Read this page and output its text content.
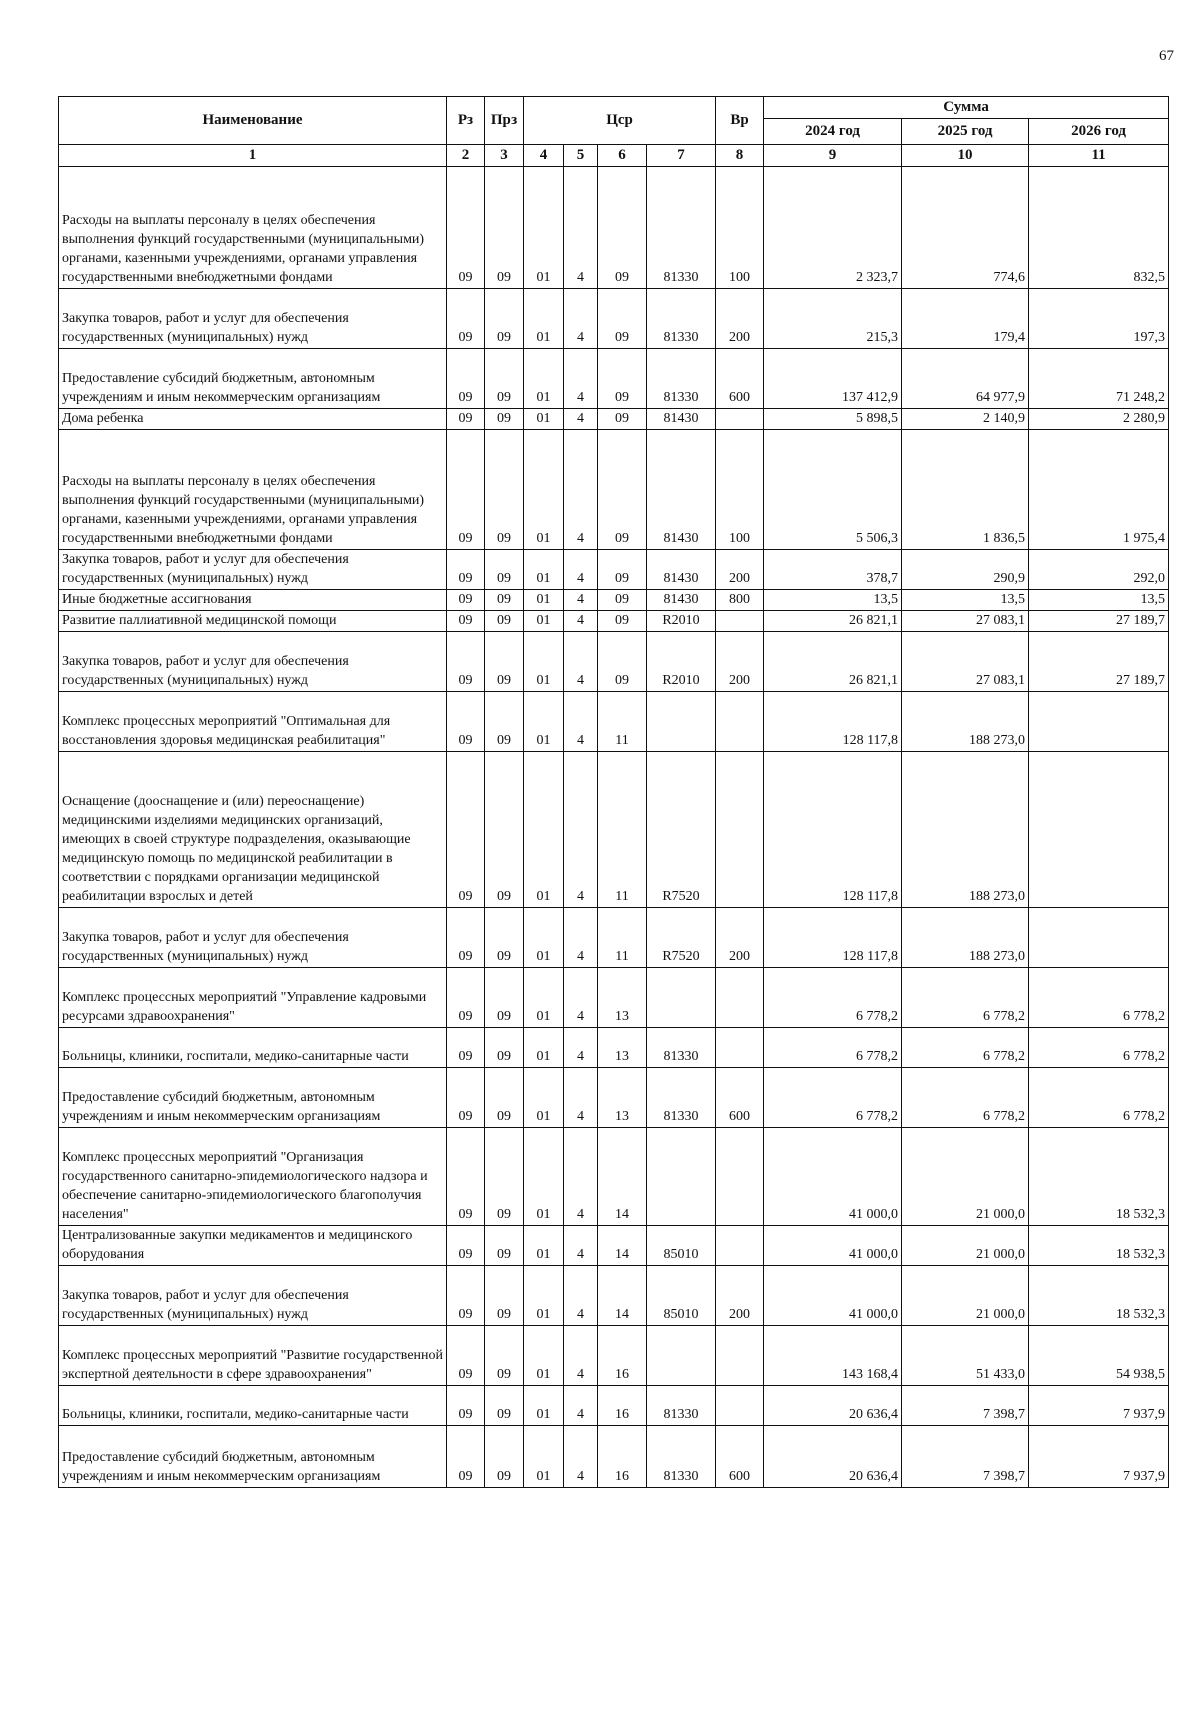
67
Наименование	Рз	Прз	Цср				Вр	Сумма		
								2024 год	2025 год	2026 год
1	2	3	4	5	6	7	8	9	10	11
Расходы на выплаты персоналу в целях обеспечения выполнения функций государственными (муниципальными) органами, казенными учреждениями, органами управления государственными внебюджетными фондами	09	09	01	4	09	81330	100	2 323,7	774,6	832,5
Закупка товаров, работ и услуг для обеспечения государственных (муниципальных) нужд	09	09	01	4	09	81330	200	215,3	179,4	197,3
Предоставление субсидий бюджетным, автономным учреждениям и иным некоммерческим организациям	09	09	01	4	09	81330	600	137 412,9	64 977,9	71 248,2
Дома ребенка	09	09	01	4	09	81430		5 898,5	2 140,9	2 280,9
Расходы на выплаты персоналу в целях обеспечения выполнения функций государственными (муниципальными) органами, казенными учреждениями, органами управления государственными внебюджетными фондами	09	09	01	4	09	81430	100	5 506,3	1 836,5	1 975,4
Закупка товаров, работ и услуг для обеспечения государственных (муниципальных) нужд	09	09	01	4	09	81430	200	378,7	290,9	292,0
Иные бюджетные ассигнования	09	09	01	4	09	81430	800	13,5	13,5	13,5
Развитие паллиативной медицинской помощи	09	09	01	4	09	R2010		26 821,1	27 083,1	27 189,7
Закупка товаров, работ и услуг для обеспечения государственных (муниципальных) нужд	09	09	01	4	09	R2010	200	26 821,1	27 083,1	27 189,7
Комплекс процессных мероприятий "Оптимальная для восстановления здоровья медицинская реабилитация"	09	09	01	4	11			128 117,8	188 273,0	
Оснащение (дооснащение и (или) переоснащение) медицинскими изделиями медицинских организаций, имеющих в своей структуре подразделения, оказывающие медицинскую помощь по медицинской реабилитации в соответствии с порядками организации медицинской реабилитации взрослых и детей	09	09	01	4	11	R7520		128 117,8	188 273,0	
Закупка товаров, работ и услуг для обеспечения государственных (муниципальных) нужд	09	09	01	4	11	R7520	200	128 117,8	188 273,0	
Комплекс процессных мероприятий "Управление кадровыми ресурсами здравоохранения"	09	09	01	4	13			6 778,2	6 778,2	6 778,2
Больницы, клиники, госпитали, медико-санитарные части	09	09	01	4	13	81330		6 778,2	6 778,2	6 778,2
Предоставление субсидий бюджетным, автономным учреждениям и иным некоммерческим организациям	09	09	01	4	13	81330	600	6 778,2	6 778,2	6 778,2
Комплекс процессных мероприятий "Организация государственного санитарно-эпидемиологического надзора и обеспечение санитарно-эпидемиологического благополучия населения"	09	09	01	4	14			41 000,0	21 000,0	18 532,3
Централизованные закупки медикаментов и медицинского оборудования	09	09	01	4	14	85010		41 000,0	21 000,0	18 532,3
Закупка товаров, работ и услуг для обеспечения государственных (муниципальных) нужд	09	09	01	4	14	85010	200	41 000,0	21 000,0	18 532,3
Комплекс процессных мероприятий "Развитие государственной экспертной деятельности в сфере здравоохранения"	09	09	01	4	16			143 168,4	51 433,0	54 938,5
Больницы, клиники, госпитали, медико-санитарные части	09	09	01	4	16	81330		20 636,4	7 398,7	7 937,9
Предоставление субсидий бюджетным, автономным учреждениям и иным некоммерческим организациям	09	09	01	4	16	81330	600	20 636,4	7 398,7	7 937,9
